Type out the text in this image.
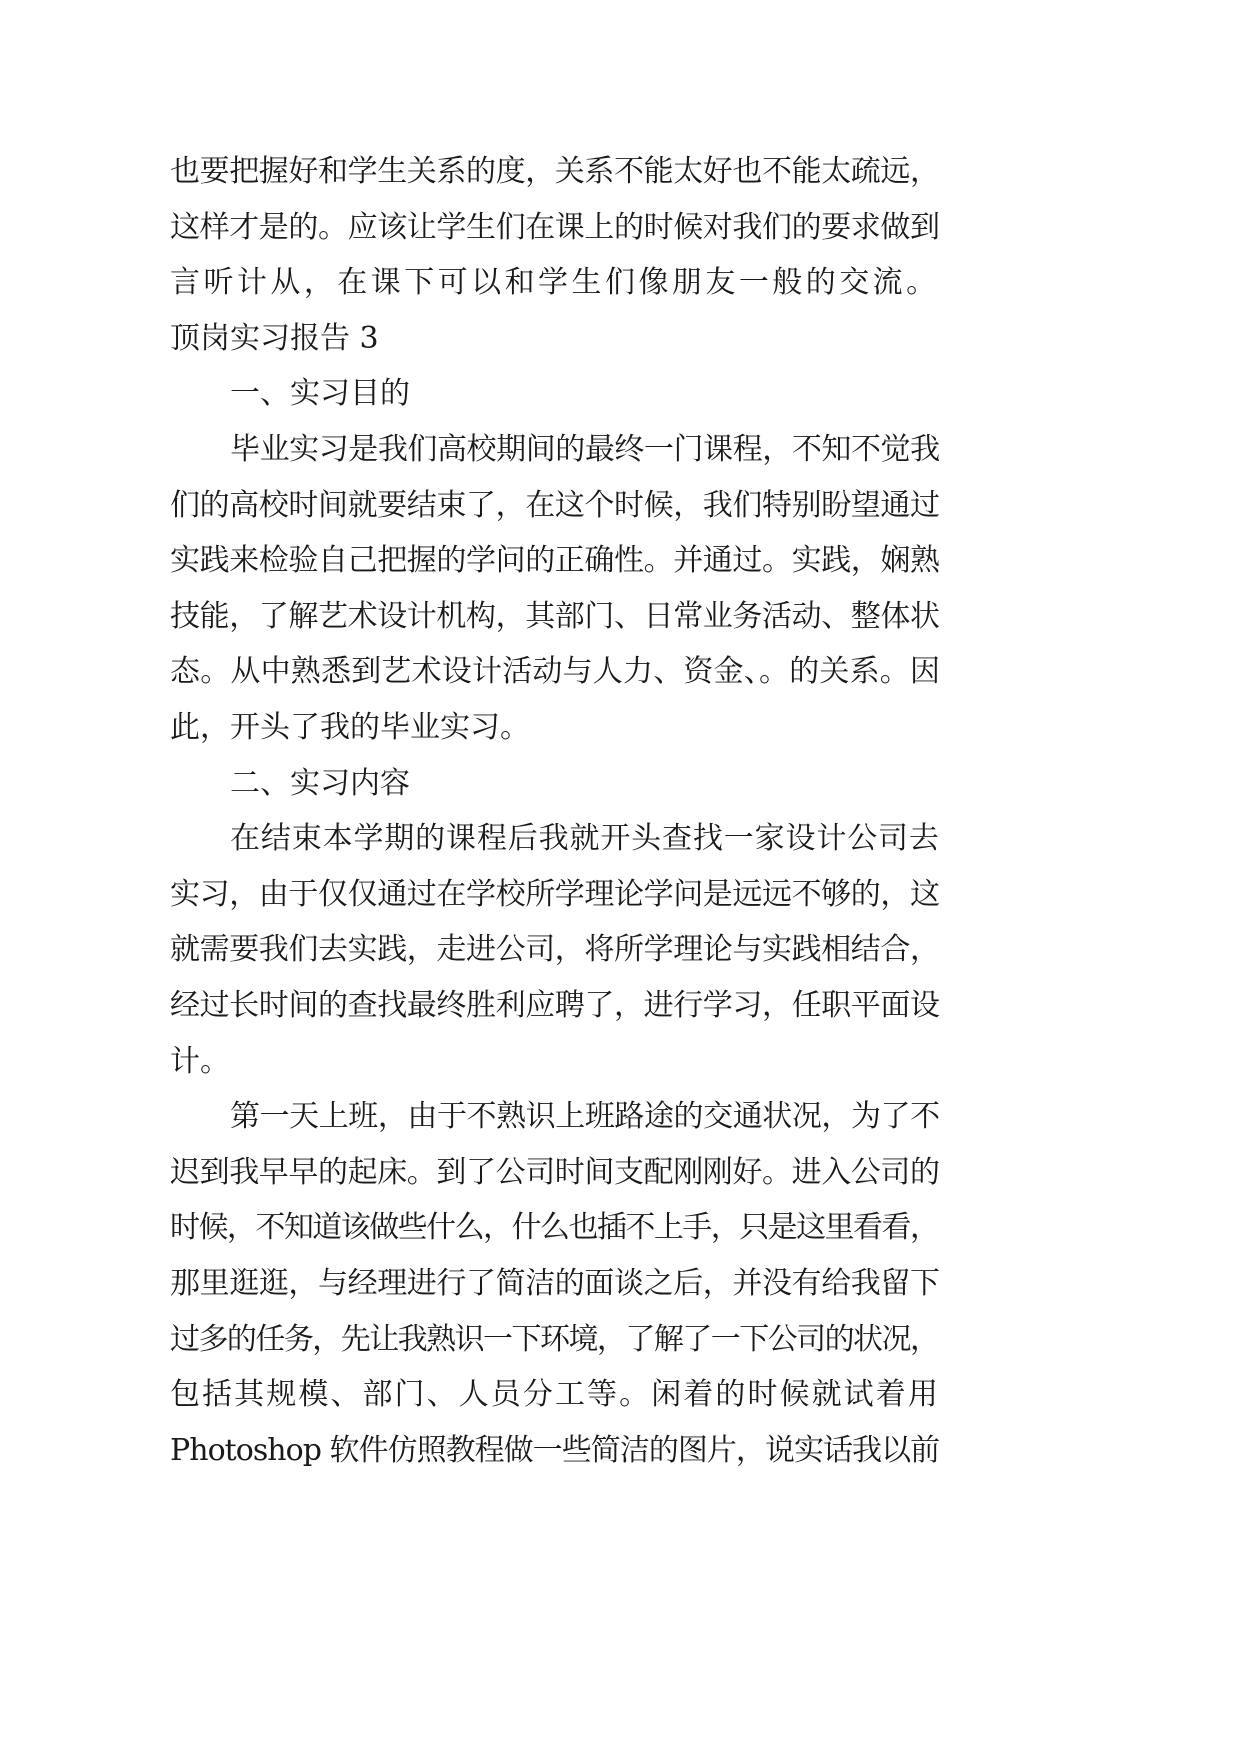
也要把握好和学生关系的度，关系不能太好也不能太疏远，
这样才是的。应该让学生们在课上的时候对我们的要求做到
言听计从，在课下可以和学生们像朋友一般的交流。
顶岗实习报告 3
一、实习目的
毕业实习是我们高校期间的最终一门课程，不知不觉我
们的高校时间就要结束了，在这个时候，我们特别盼望通过
实践来检验自己把握的学问的正确性。并通过。实践，娴熟
技能，了解艺术设计机构，其部门、日常业务活动、整体状
态。从中熟悉到艺术设计活动与人力、资金、。的关系。因
此，开头了我的毕业实习。
二、实习内容
在结束本学期的课程后我就开头查找一家设计公司去
实习，由于仅仅通过在学校所学理论学问是远远不够的，这
就需要我们去实践，走进公司，将所学理论与实践相结合，
经过长时间的查找最终胜利应聘了，进行学习，任职平面设
计。
第一天上班，由于不熟识上班路途的交通状况，为了不
迟到我早早的起床。到了公司时间支配刚刚好。进入公司的
时候，不知道该做些什么，什么也插不上手，只是这里看看，
那里逛逛，与经理进行了简洁的面谈之后，并没有给我留下
过多的任务，先让我熟识一下环境，了解了一下公司的状况，
包括其规模、部门、人员分工等。闲着的时候就试着用
Photoshop 软件仿照教程做一些简洁的图片，说实话我以前
